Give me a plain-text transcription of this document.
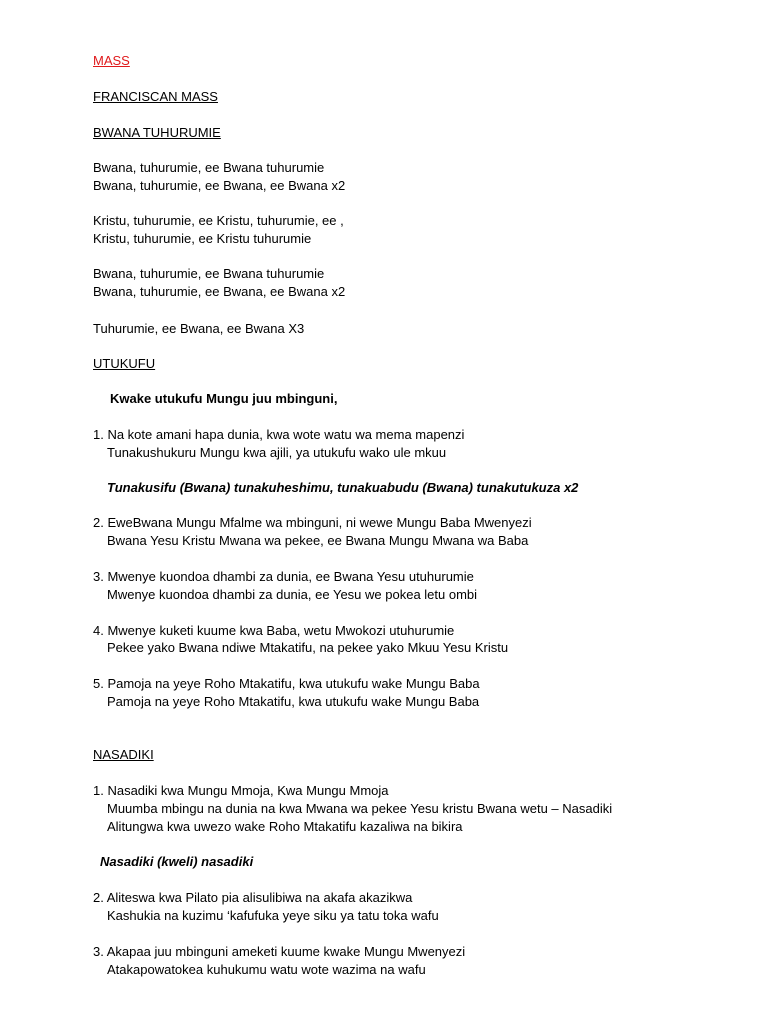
MASS
FRANCISCAN MASS
BWANA TUHURUMIE
Bwana, tuhurumie, ee Bwana tuhurumie
Bwana, tuhurumie, ee Bwana, ee Bwana x2
Kristu, tuhurumie, ee Kristu, tuhurumie, ee ,
Kristu, tuhurumie, ee Kristu tuhurumie
Bwana, tuhurumie, ee Bwana tuhurumie
Bwana, tuhurumie, ee Bwana, ee Bwana x2
Tuhurumie, ee Bwana, ee Bwana X3
UTUKUFU
Kwake utukufu Mungu juu mbinguni,
1. Na kote amani hapa dunia, kwa wote watu wa mema mapenzi
Tunakushukuru Mungu kwa ajili, ya utukufu wako ule mkuu
Tunakusifu (Bwana) tunakuheshimu, tunakuabudu (Bwana) tunakutukuza x2
2. EweBwana Mungu Mfalme wa mbinguni, ni wewe Mungu Baba Mwenyezi
Bwana Yesu Kristu Mwana wa pekee, ee Bwana Mungu Mwana wa Baba
3. Mwenye kuondoa dhambi za dunia, ee Bwana Yesu utuhurumie
Mwenye kuondoa dhambi za dunia, ee Yesu we pokea letu ombi
4. Mwenye kuketi kuume kwa Baba, wetu Mwokozi utuhurumie
Pekee yako Bwana ndiwe Mtakatifu, na pekee yako Mkuu Yesu Kristu
5. Pamoja na yeye Roho Mtakatifu, kwa utukufu wake Mungu Baba
Pamoja na yeye Roho Mtakatifu, kwa utukufu wake Mungu Baba
NASADIKI
1. Nasadiki kwa Mungu Mmoja, Kwa Mungu Mmoja
Muumba mbingu na dunia na kwa Mwana wa pekee Yesu kristu Bwana wetu – Nasadiki
Alitungwa kwa uwezo wake Roho Mtakatifu kazaliwa na bikira
Nasadiki (kweli) nasadiki
2. Aliteswa kwa Pilato pia alisulibiwa na akafa akazikwa
Kashukia na kuzimu ‘kafufuka yeye siku ya tatu toka wafu
3. Akapaa juu mbinguni ameketi kuume kwake Mungu Mwenyezi
Atakapowatokea kuhukumu watu wote wazima na wafu
